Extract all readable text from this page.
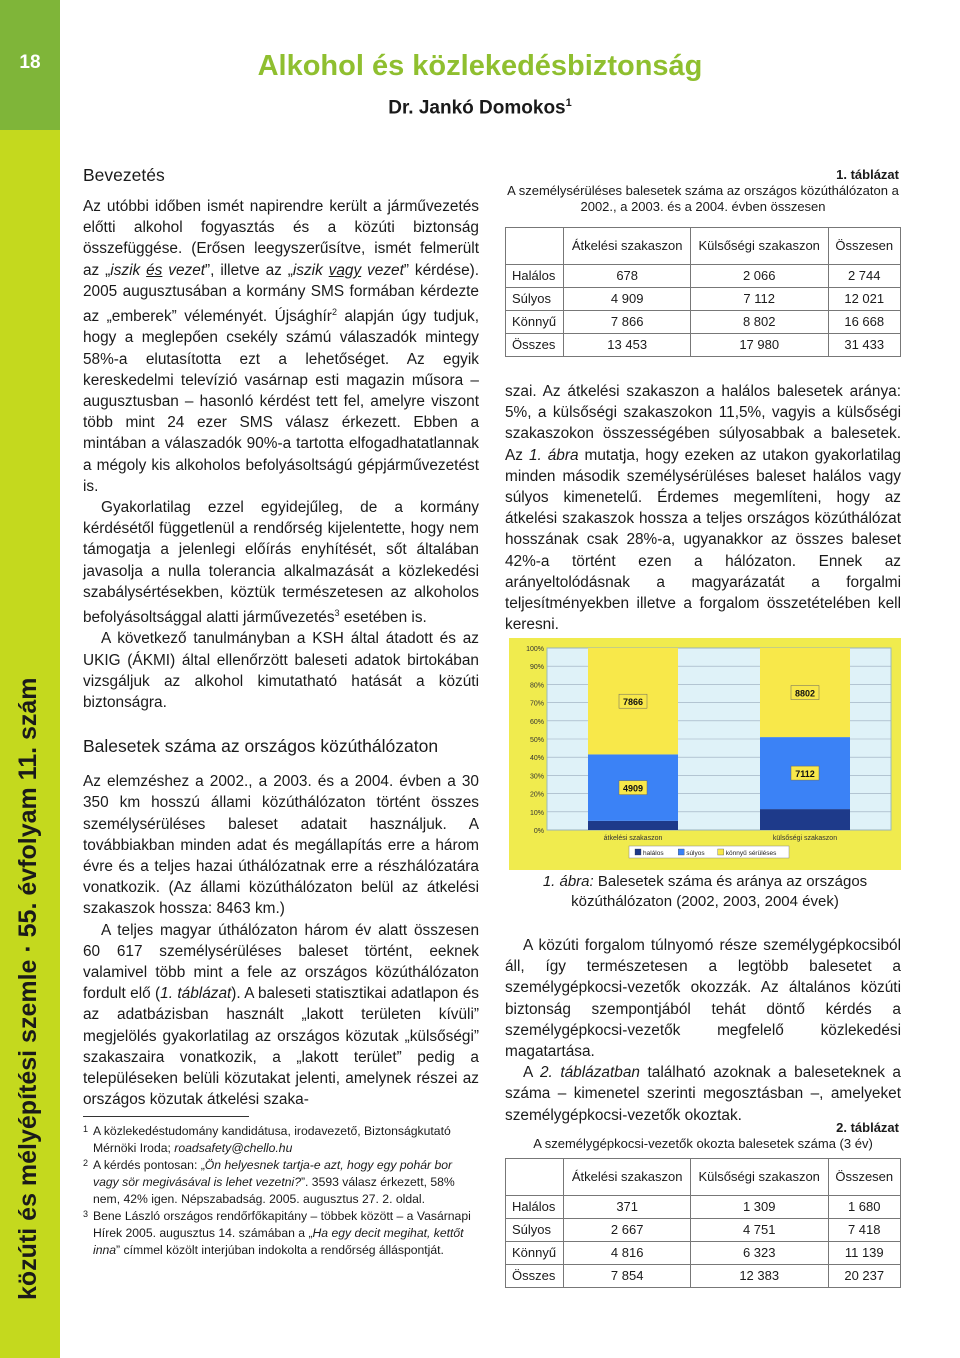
18
közúti és mélyépítési szemle · 55. évfolyam 11. szám
Alkohol és közlekedésbiztonság
Dr. Jankó Domokos$^1$
Bevezetés

Az utóbbi időben ismét napirendre került a járművezetés előtti alkohol fogyasztás és a közúti biztonság összefüggése. (Erősen leegyszerűsítve, ismét felmerült az „iszik és vezet”, illetve az „iszik vagy vezet” kérdése). 2005 augusztusában a kormány SMS formában kérdezte az „emberek” véleményét. Újsághír$^2$ alapján úgy tudjuk, hogy a meglepően csekély számú válaszadók mintegy 58%-a elutasította ezt a lehetőséget. Az egyik kereskedelmi televízió vasárnap esti magazin műsora – augusztusban – hasonló kérdést tett fel, amelyre viszont több mint 24 ezer SMS válasz érkezett. Ebben a mintában a válaszadók 90%-a tartotta elfogadhatatlannak a mégoly kis alkoholos befolyásoltságú gépjárművezetést is.

Gyakorlatilag ezzel egyidejűleg, de a kormány kérdésétől függetlenül a rendőrség kijelentette, hogy nem támogatja a jelenlegi előírás enyhítését, sőt általában javasolja a nulla tolerancia alkalmazását a közlekedési szabálysértésekben, köztük természetesen az alkoholos befolyásoltsággal alatti járművezetés$^3$ esetében is.

A következő tanulmányban a KSH által átadott és az UKIG (ÁKMI) által ellenőrzött baleseti adatok birtokában vizsgáljuk az alkohol kimutatható hatását a közúti biztonságra.

Balesetek száma az országos közúthálózaton

Az elemzéshez a 2002., a 2003. és a 2004. évben a 30 350 km hosszú állami közúthálózaton történt összes személysérüléses baleset adatait használjuk. A továbbiakban minden adat és megállapítás erre a három évre és a teljes hazai úthálózatnak erre a részhálózatára vonatkozik. (Az állami közúthálózaton belül az átkelési szakaszok hossza: 8463 km.)

A teljes magyar úthálózaton három év alatt összesen 60 617 személysérüléses baleset történt, eeknek valamivel több mint a fele az országos közúthálózaton fordult elő (1. táblázat). A baleseti statisztikai adatlapon és az adatbázisban használt „lakott területen kívüli” megjelölés gyakorlatilag az országos közutak „külsőségi” szakaszaira vonatkozik, a „lakott terület” pedig a településeken belüli közutakat jelenti, amelynek részei az országos közutak átkelési szaka-

1 A közlekedéstudomány kandidátusa, irodavezető, Biztonságkutató Mérnöki Iroda; roadsafety@chello.hu
2 A kérdés pontosan: „Ön helyesnek tartja-e azt, hogy egy pohár bor vagy sör megivásával is lehet vezetni?”. 3593 válasz érkezett, 58% nem, 42% igen. Népszabadság. 2005. augusztus 27. 2. oldal.
3 Bene László országos rendőrfőkapitány – többek között – a Vasárnapi Hírek 2005. augusztus 14. számában a „Ha egy decit megihat, kettőt inna” címmel közölt interjúban indokolta a rendőrség álláspontját.
1. táblázat
A személysérüléses balesetek száma az országos közúthálózaton a 2002., a 2003. és a 2004. évben összesen
	Átkelési szakaszon	Külsőségi szakaszon	Összesen
Halálos	678	2 066	2 744
Súlyos	4 909	7 112	12 021
Könnyű	7 866	8 802	16 668
Összes	13 453	17 980	31 433

szai. Az átkelési szakaszon a halálos balesetek aránya: 5%, a külsőségi szakaszokon 11,5%, vagyis a külsőségi szakaszokon összességében súlyosabbak a balesetek. Az 1. ábra mutatja, hogy ezeken az utakon gyakorlatilag minden második személysérüléses baleset halálos vagy súlyos kimenetelű. Érdemes megemlíteni, hogy az átkelési szakaszok hossza a teljes országos közúthálózat hosszának csak 28%-a, ugyanakkor az összes baleset 42%-a történt ezen a hálózaton. Ennek az arányeltolódásnak a magyarázatát a forgalmi teljesítményekben illetve a forgalom összetételében kell keresni.

0%
10%
20%
30%
40%
50%
60%
70%
80%
90%
100%
4909
7866
átkelési szakaszon
7112
8802
külsőségi szakaszon
halálos	súlyos	könnyű sérüléses
1. ábra: Balesetek száma és aránya az országos közúthálózaton (2002, 2003, 2004 évek)

A közúti forgalom túlnyomó része személygépkocsiból áll, így természetesen a legtöbb balesetet a személygépkocsi-vezetők okozzák. Az általános közúti biztonság szempontjából tehát döntő kérdés a személygépkocsi-vezetők megfelelő közlekedési magatartása.

A 2. táblázatban található azoknak a baleseteknek a száma – kimenetel szerinti megosztásban –, amelyeket személygépkocsi-vezetők okoztak.

2. táblázat
A személygépkocsi-vezetők okozta balesetek száma (3 év)
	Átkelési szakaszon	Külsőségi szakaszon	Összesen
Halálos	371	1 309	1 680
Súlyos	2 667	4 751	7 418
Könnyű	4 816	6 323	11 139
Összes	7 854	12 383	20 237
